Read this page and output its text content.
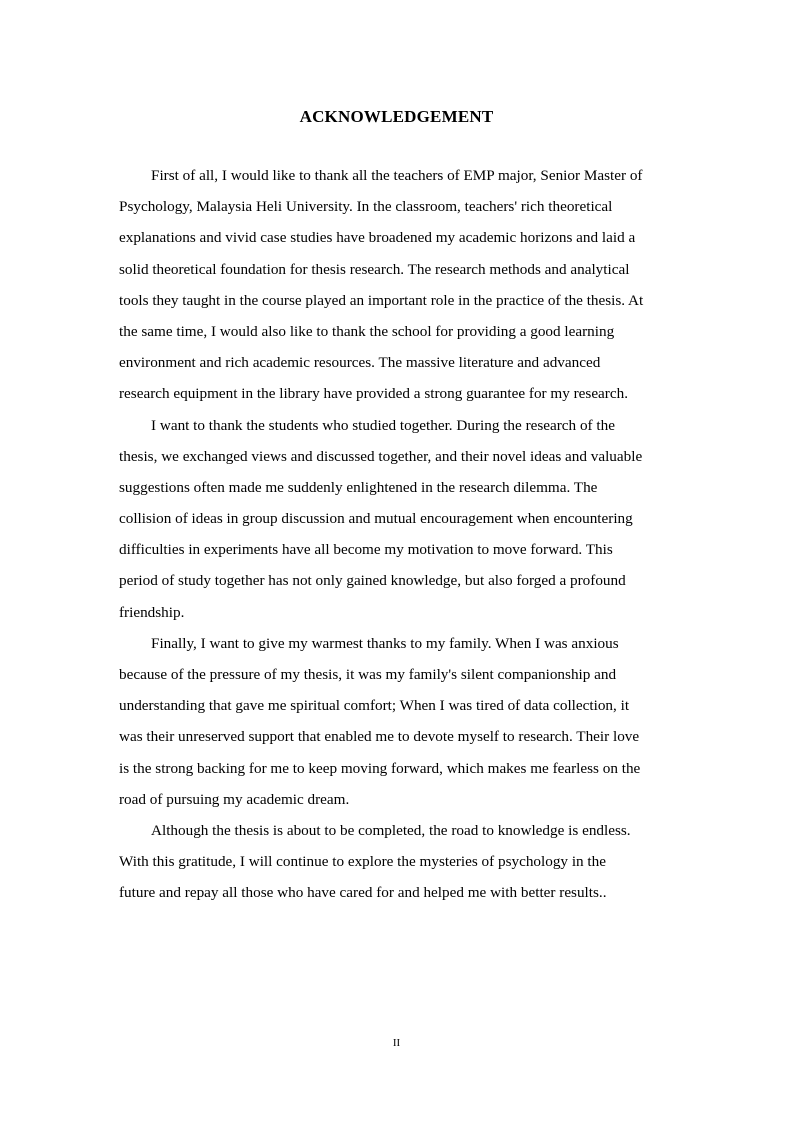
ACKNOWLEDGEMENT
First of all, I would like to thank all the teachers of EMP major, Senior Master of
Psychology, Malaysia Heli University. In the classroom, teachers' rich theoretical
explanations and vivid case studies have broadened my academic horizons and laid a
solid theoretical foundation for thesis research. The research methods and analytical
tools they taught in the course played an important role in the practice of the thesis. At
the same time, I would also like to thank the school for providing a good learning
environment and rich academic resources. The massive literature and advanced
research equipment in the library have provided a strong guarantee for my research.
I want to thank the students who studied together. During the research of the
thesis, we exchanged views and discussed together, and their novel ideas and valuable
suggestions often made me suddenly enlightened in the research dilemma. The
collision of ideas in group discussion and mutual encouragement when encountering
difficulties in experiments have all become my motivation to move forward. This
period of study together has not only gained knowledge, but also forged a profound
friendship.
Finally, I want to give my warmest thanks to my family. When I was anxious
because of the pressure of my thesis, it was my family's silent companionship and
understanding that gave me spiritual comfort; When I was tired of data collection, it
was their unreserved support that enabled me to devote myself to research. Their love
is the strong backing for me to keep moving forward, which makes me fearless on the
road of pursuing my academic dream.
Although the thesis is about to be completed, the road to knowledge is endless.
With this gratitude, I will continue to explore the mysteries of psychology in the
future and repay all those who have cared for and helped me with better results..
II
